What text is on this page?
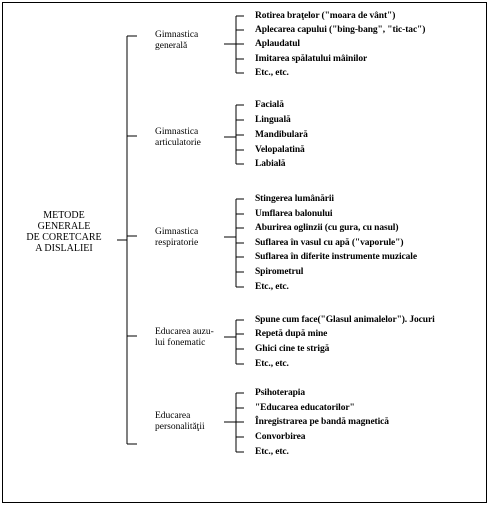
METODE
GENERALE
DE CORETCARE
A DISLALIEI
Gimnastica
generală
Rotirea braţelor ("moara de vânt")
Aplecarea capului ("bing-bang", "tic-tac")
Aplaudatul
Imitarea spălatului mâinilor
Etc., etc.
Gimnastica
articulatorie
Facială
Linguală
Mandibulară
Velopalatină
Labială
Gimnastica
respiratorie
Stingerea lumânării
Umflarea balonului
Aburirea oglinzii (cu gura, cu nasul)
Suflarea în vasul cu apă ("vaporule")
Suflarea în diferite instrumente muzicale
Spirometrul
Etc., etc.
Educarea auzu-
lui fonematic
Spune cum face("Glasul animalelor"). Jocuri
Repetă după mine
Ghici cine te strigă
Etc., etc.
Educarea
personalităţii
Psihoterapia
"Educarea educatorilor"
Înregistrarea pe bandă magnetică
Convorbirea
Etc., etc.
